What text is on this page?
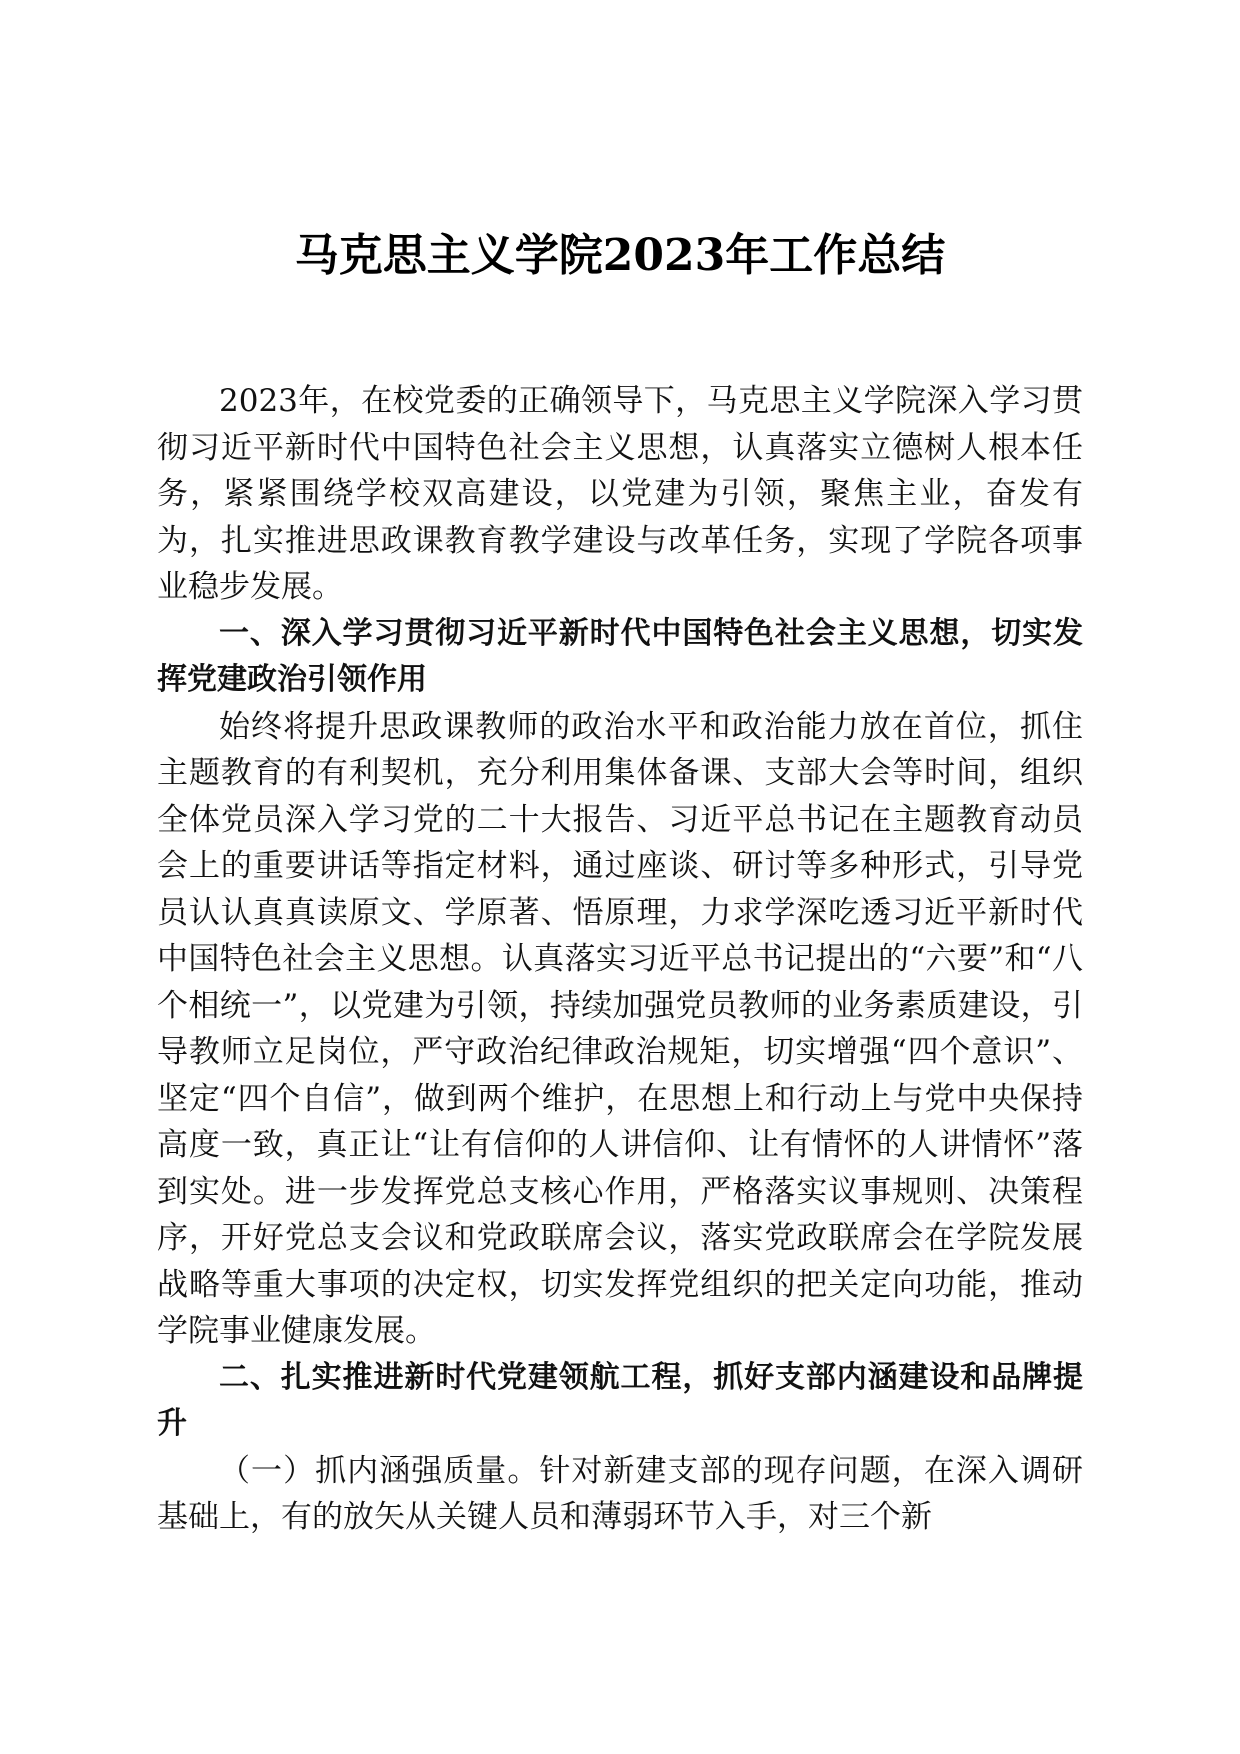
马克思主义学院2023年工作总结

2023年，在校党委的正确领导下，马克思主义学院深入学习贯彻习近平新时代中国特色社会主义思想，认真落实立德树人根本任务，紧紧围绕学校双高建设，以党建为引领，聚焦主业，奋发有为，扎实推进思政课教育教学建设与改革任务，实现了学院各项事业稳步发展。

一、深入学习贯彻习近平新时代中国特色社会主义思想，切实发挥党建政治引领作用

始终将提升思政课教师的政治水平和政治能力放在首位，抓住主题教育的有利契机，充分利用集体备课、支部大会等时间，组织全体党员深入学习党的二十大报告、习近平总书记在主题教育动员会上的重要讲话等指定材料，通过座谈、研讨等多种形式，引导党员认认真真读原文、学原著、悟原理，力求学深吃透习近平新时代中国特色社会主义思想。认真落实习近平总书记提出的“六要”和“八个相统一”，以党建为引领，持续加强党员教师的业务素质建设，引导教师立足岗位，严守政治纪律政治规矩，切实增强“四个意识”、坚定“四个自信”，做到两个维护，在思想上和行动上与党中央保持高度一致，真正让“让有信仰的人讲信仰、让有情怀的人讲情怀”落到实处。进一步发挥党总支核心作用，严格落实议事规则、决策程序，开好党总支会议和党政联席会议，落实党政联席会在学院发展战略等重大事项的决定权，切实发挥党组织的把关定向功能，推动学院事业健康发展。

二、扎实推进新时代党建领航工程，抓好支部内涵建设和品牌提升

（一）抓内涵强质量。针对新建支部的现存问题，在深入调研基础上，有的放矢从关键人员和薄弱环节入手，对三个新
